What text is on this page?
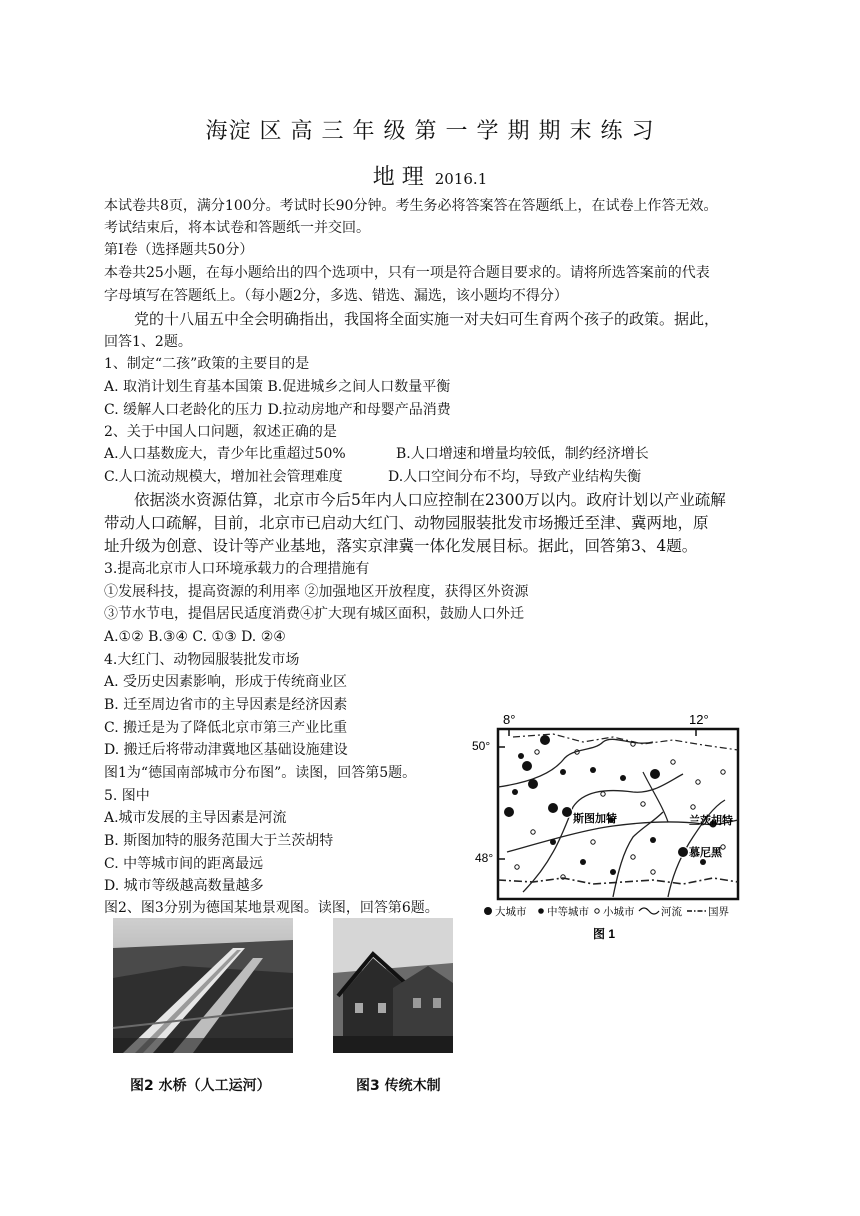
海淀 区 高 三 年 级 第 一 学 期 期 末 练 习
地 理 2016.1
本试卷共8页，满分100分。考试时长90分钟。考生务必将答案答在答题纸上，在试卷上作答无效。
考试结束后，将本试卷和答题纸一并交回。
第I卷（选择题共50分）
本卷共25小题，在每小题给出的四个选项中，只有一项是符合题目要求的。请将所选答案前的代表
字母填写在答题纸上。（每小题2分，多选、错选、漏选，该小题均不得分）
党的十八届五中全会明确指出，我国将全面实施一对夫妇可生育两个孩子的政策。据此，
回答1、2题。
1、制定“二孩”政策的主要目的是
A. 取消计划生育基本国策 B.促进城乡之间人口数量平衡
C. 缓解人口老龄化的压力 D.拉动房地产和母婴产品消费
2、关于中国人口问题，叙述正确的是
A.人口基数庞大，青少年比重超过50%	B.人口增速和增量均较低，制约经济增长
C.人口流动规模大，增加社会管理难度	D.人口空间分布不均，导致产业结构失衡
依据淡水资源估算，北京市今后5年内人口应控制在2300万以内。政府计划以产业疏解
带动人口疏解，目前，北京市已启动大红门、动物园服装批发市场搬迁至津、冀两地，原
址升级为创意、设计等产业基地，落实京津冀一体化发展目标。据此，回答第3、4题。
3.提高北京市人口环境承载力的合理措施有
①发展科技，提高资源的利用率 ②加强地区开放程度，获得区外资源
③节水节电，提倡居民适度消费④扩大现有城区面积，鼓励人口外迁
A.①② B.③④ C. ①③ D. ②④
4.大红门、动物园服装批发市场
A. 受历史因素影响，形成于传统商业区
B. 迁至周边省市的主导因素是经济因素
C. 搬迁是为了降低北京市第三产业比重
D. 搬迁后将带动津冀地区基础设施建设
图1为“德国南部城市分布图”。读图，回答第5题。
5. 图中
A.城市发展的主导因素是河流
B. 斯图加特的服务范围大于兰茨胡特
C. 中等城市间的距离最远
D. 城市等级越高数量越多
图2、图3分别为德国某地景观图。读图，回答第6题。
8°	12°
50°
48°
斯图加特	兰茨胡特
慕尼黑
大城市 中等城市 小城市	河流 国界
图 1
图2 水桥（人工运河）	图3 传统木制
